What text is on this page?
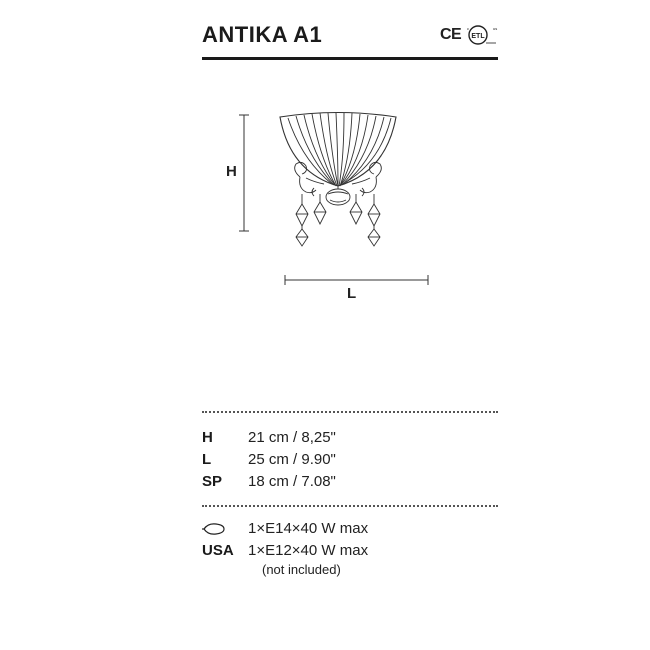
ANTIKA A1	CE ETL
us
c
H
L
H	21 cm / 8,25"
L	25 cm / 9.90"
SP	18 cm / 7.08"
1×E14×40 W max
USA 1×E12×40 W max
(not included)
